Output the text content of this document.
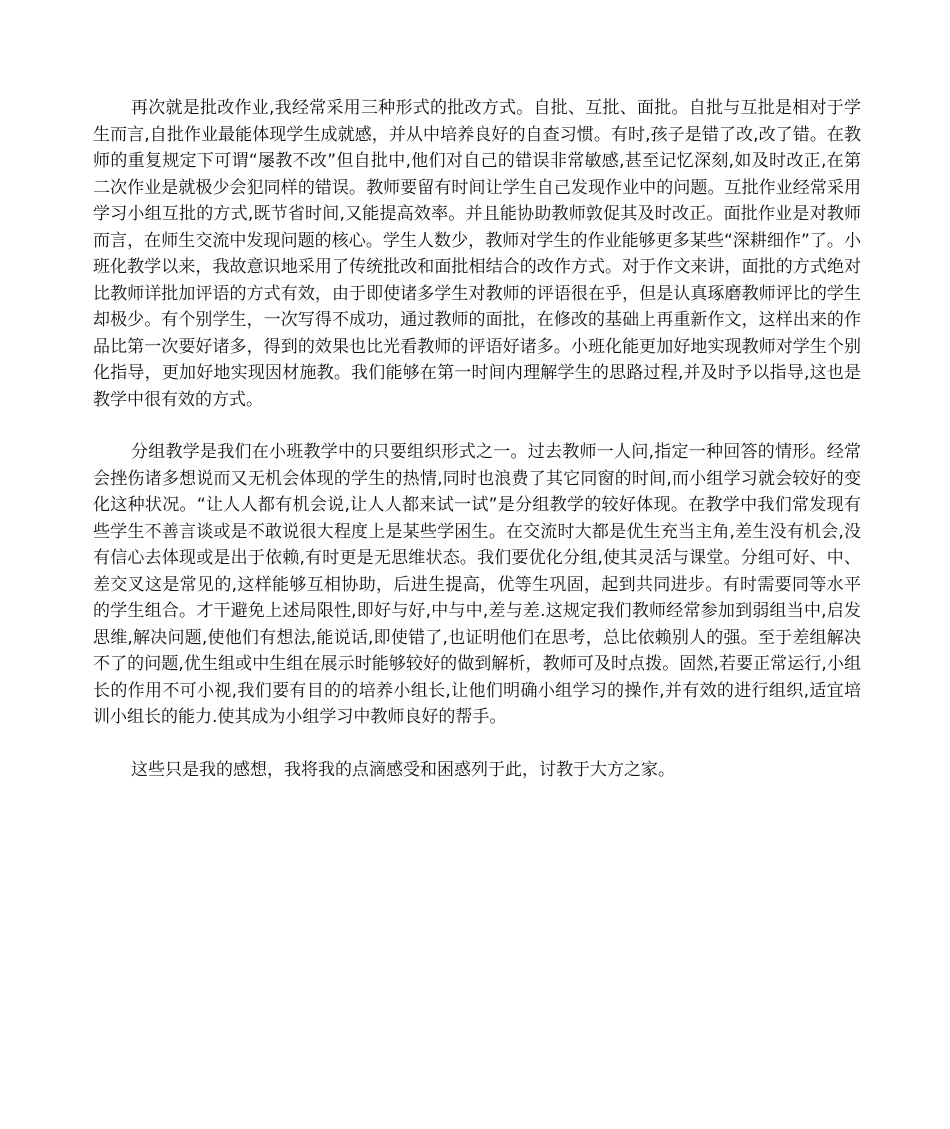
再次就是批改作业,我经常采用三种形式的批改方式。自批、互批、面批。自批与互批是相对于学生而言,自批作业最能体现学生成就感，并从中培养良好的自查习惯。有时,孩子是错了改,改了错。在教师的重复规定下可谓“屡教不改”但自批中,他们对自己的错误非常敏感,甚至记忆深刻,如及时改正,在第二次作业是就极少会犯同样的错误。教师要留有时间让学生自己发现作业中的问题。互批作业经常采用学习小组互批的方式,既节省时间,又能提高效率。并且能协助教师敦促其及时改正。面批作业是对教师而言，在师生交流中发现问题的核心。学生人数少，教师对学生的作业能够更多某些“深耕细作”了。小班化教学以来，我故意识地采用了传统批改和面批相结合的改作方式。对于作文来讲，面批的方式绝对比教师详批加评语的方式有效，由于即使诸多学生对教师的评语很在乎，但是认真琢磨教师评比的学生却极少。有个别学生，一次写得不成功，通过教师的面批，在修改的基础上再重新作文，这样出来的作品比第一次要好诸多，得到的效果也比光看教师的评语好诸多。小班化能更加好地实现教师对学生个别化指导，更加好地实现因材施教。我们能够在第一时间内理解学生的思路过程,并及时予以指导,这也是教学中很有效的方式。

分组教学是我们在小班教学中的只要组织形式之一。过去教师一人问,指定一种回答的情形。经常会挫伤诸多想说而又无机会体现的学生的热情,同时也浪费了其它同窗的时间,而小组学习就会较好的变化这种状况。“让人人都有机会说,让人人都来试一试”是分组教学的较好体现。在教学中我们常发现有些学生不善言谈或是不敢说很大程度上是某些学困生。在交流时大都是优生充当主角,差生没有机会,没有信心去体现或是出于依赖,有时更是无思维状态。我们要优化分组,使其灵活与课堂。分组可好、中、差交叉这是常见的,这样能够互相协助，后进生提高，优等生巩固，起到共同进步。有时需要同等水平的学生组合。才干避免上述局限性,即好与好,中与中,差与差.这规定我们教师经常参加到弱组当中,启发思维,解决问题,使他们有想法,能说话,即使错了,也证明他们在思考，总比依赖别人的强。至于差组解决不了的问题,优生组或中生组在展示时能够较好的做到解析，教师可及时点拨。固然,若要正常运行,小组长的作用不可小视,我们要有目的的培养小组长,让他们明确小组学习的操作,并有效的进行组织,适宜培训小组长的能力.使其成为小组学习中教师良好的帮手。

这些只是我的感想，我将我的点滴感受和困惑列于此，讨教于大方之家。
